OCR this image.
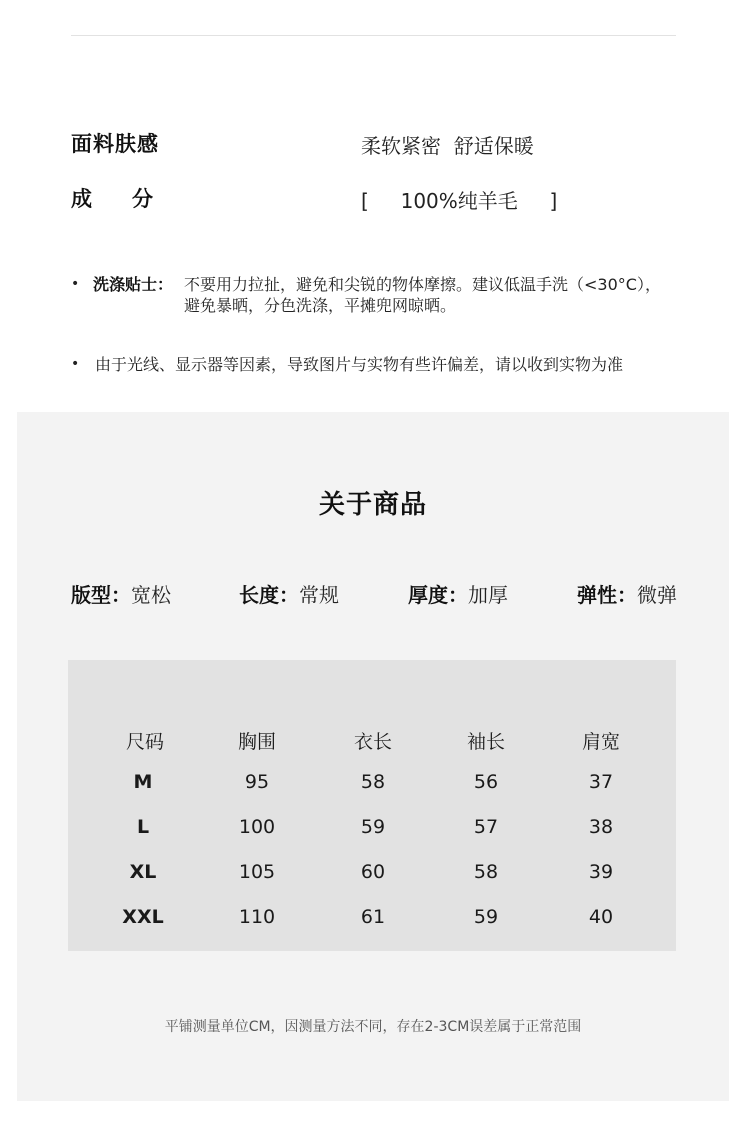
面料肤感	柔软紧密  舒适保暖
成分	[     100%纯羊毛     ]
• 洗涤贴士： 不要用力拉扯，避免和尖锐的物体摩擦。建议低温手洗（<30°C），避免暴晒，分色洗涤，平摊兜网晾晒。
• 由于光线、显示器等因素，导致图片与实物有些许偏差，请以收到实物为准
关于商品
版型：宽松	长度：常规	厚度：加厚	弹性：微弹
尺码	胸围	衣长	袖长	肩宽
M	95	58	56	37
L	100	59	57	38
XL	105	60	58	39
XXL	110	61	59	40
平铺测量单位CM，因测量方法不同，存在2-3CM误差属于正常范围
